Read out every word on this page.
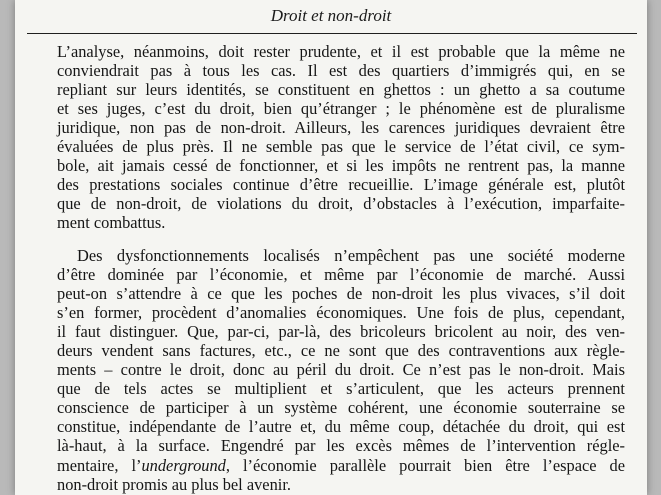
Droit et non-droit
L’analyse, néanmoins, doit rester prudente, et il est probable que la même ne
conviendrait pas à tous les cas. Il est des quartiers d’immigrés qui, en se
repliant sur leurs identités, se constituent en ghettos : un ghetto a sa coutume
et ses juges, c’est du droit, bien qu’étranger ; le phénomène est de pluralisme
juridique, non pas de non-droit. Ailleurs, les carences juridiques devraient être
évaluées de plus près. Il ne semble pas que le service de l’état civil, ce sym-
bole, ait jamais cessé de fonctionner, et si les impôts ne rentrent pas, la manne
des prestations sociales continue d’être recueillie. L’image générale est, plutôt
que de non-droit, de violations du droit, d’obstacles à l’exécution, imparfaite-
ment combattus.
Des dysfonctionnements localisés n’empêchent pas une société moderne
d’être dominée par l’économie, et même par l’économie de marché. Aussi
peut-on s’attendre à ce que les poches de non-droit les plus vivaces, s’il doit
s’en former, procèdent d’anomalies économiques. Une fois de plus, cependant,
il faut distinguer. Que, par-ci, par-là, des bricoleurs bricolent au noir, des ven-
deurs vendent sans factures, etc., ce ne sont que des contraventions aux règle-
ments – contre le droit, donc au péril du droit. Ce n’est pas le non-droit. Mais
que de tels actes se multiplient et s’articulent, que les acteurs prennent
conscience de participer à un système cohérent, une économie souterraine se
constitue, indépendante de l’autre et, du même coup, détachée du droit, qui est
là-haut, à la surface. Engendré par les excès mêmes de l’intervention régle-
mentaire, l’underground, l’économie parallèle pourrait bien être l’espace de
non-droit promis au plus bel avenir.
